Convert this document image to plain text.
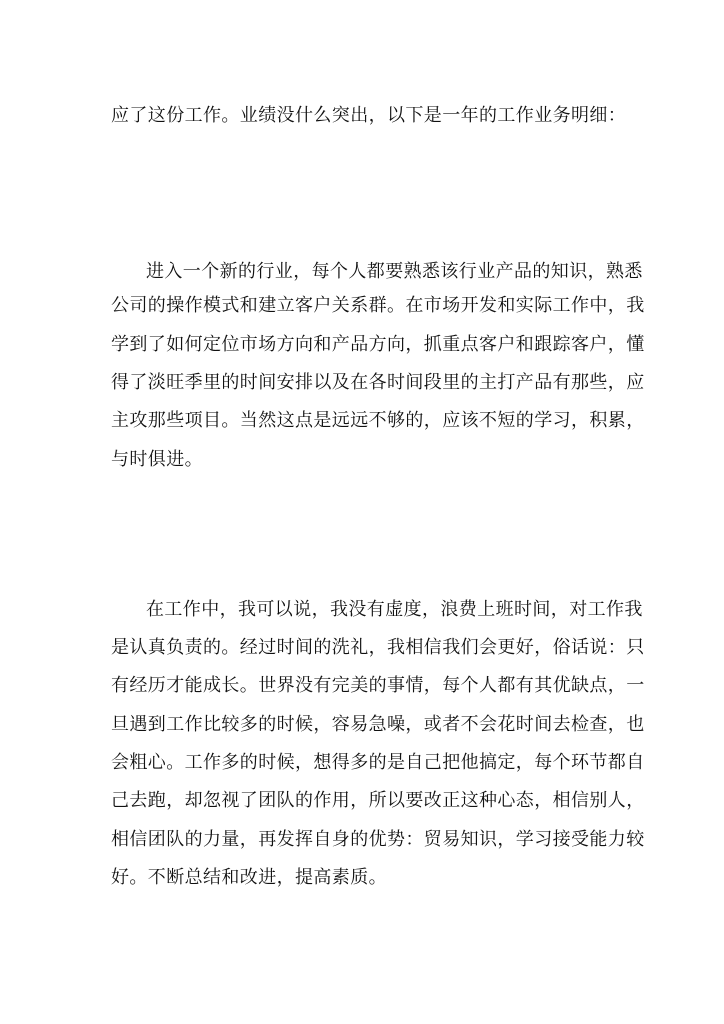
应了这份工作。业绩没什么突出，以下是一年的工作业务明细：
进入一个新的行业，每个人都要熟悉该行业产品的知识，熟悉
公司的操作模式和建立客户关系群。在市场开发和实际工作中，我
学到了如何定位市场方向和产品方向，抓重点客户和跟踪客户，懂
得了淡旺季里的时间安排以及在各时间段里的主打产品有那些，应
主攻那些项目。当然这点是远远不够的，应该不短的学习，积累，
与时俱进。
在工作中，我可以说，我没有虚度，浪费上班时间，对工作我
是认真负责的。经过时间的洗礼，我相信我们会更好，俗话说：只
有经历才能成长。世界没有完美的事情，每个人都有其优缺点，一
旦遇到工作比较多的时候，容易急噪，或者不会花时间去检查，也
会粗心。工作多的时候，想得多的是自己把他搞定，每个环节都自
己去跑，却忽视了团队的作用，所以要改正这种心态，相信别人，
相信团队的力量，再发挥自身的优势：贸易知识，学习接受能力较
好。不断总结和改进，提高素质。
